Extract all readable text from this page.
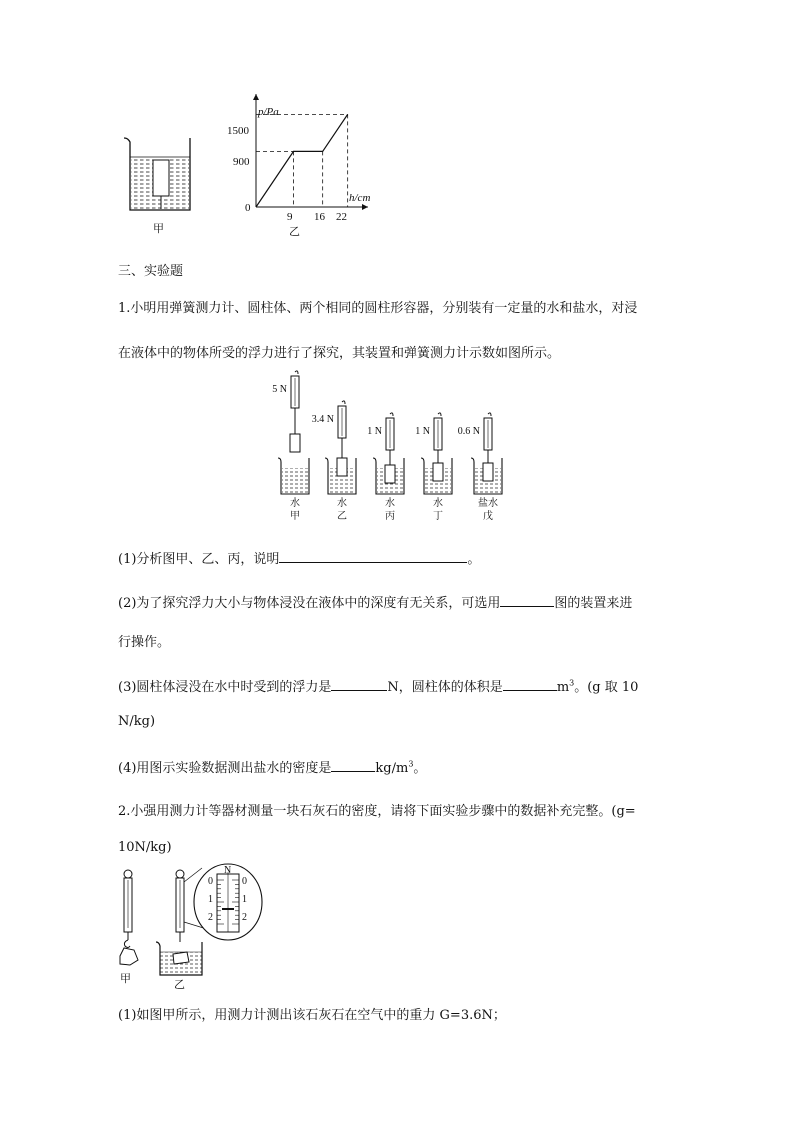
甲
p/Pa
h/cm
1500
900
0
9 16 22
乙
三、实验题
1.小明用弹簧测力计、圆柱体、两个相同的圆柱形容器，分别装有一定量的水和盐水，对浸
在液体中的物体所受的浮力进行了探究，其装置和弹簧测力计示数如图所示。
5 N
水
甲
3.4 N
水
乙
1 N
水
丙
1 N
水
丁
0.6 N
盐水
戊
(1)分析图甲、乙、丙，说明	。
(2)为了探究浮力大小与物体浸没在液体中的深度有无关系，可选用	图的装置来进
行操作。
(3)圆柱体浸没在水中时受到的浮力是	N，圆柱体的体积是	$m^3$。(g 取 10
N/kg)
(4)用图示实验数据测出盐水的密度是	$kg/m^3$。
2.小强用测力计等器材测量一块石灰石的密度，请将下面实验步骤中的数据补充完整。(g=
10N/kg)
甲	乙
N
0
1
2
0
1
2
(1)如图甲所示，用测力计测出该石灰石在空气中的重力 G=3.6N；
